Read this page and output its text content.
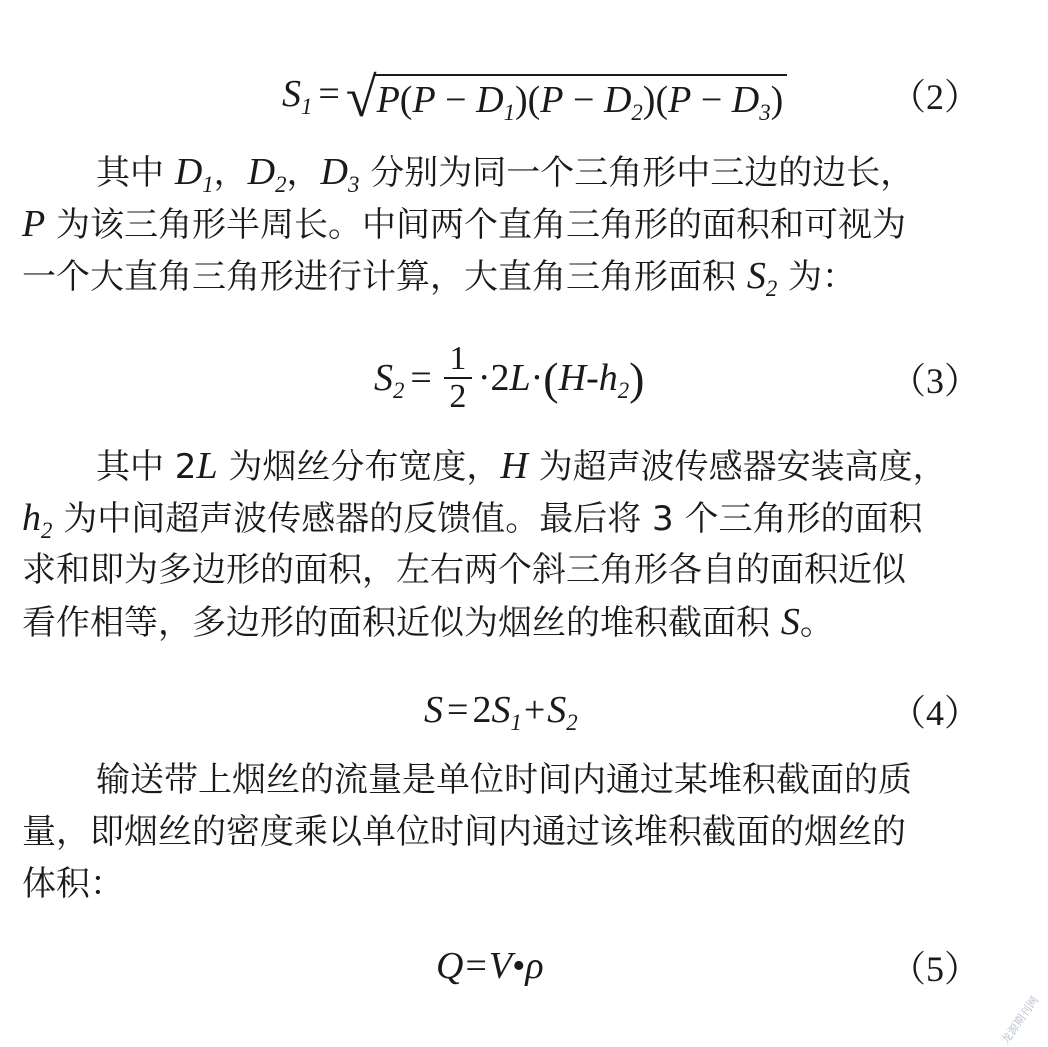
$S_1$ = √ $P(P - D_1)(P - D_2)(P - D_3)$	（2）
其中 $D_1$，$D_2$，$D_3$ 分别为同一个三角形中三边的边长，
P 为该三角形半周长。中间两个直角三角形的面积和可视为
一个大直角三角形进行计算，大直角三角形面积 $S_2$ 为：
$S_2 = \frac{1}{2} \cdot 2$ L · ( H - $h_2$ )	（3）
其中 2L 为烟丝分布宽度，H 为超声波传感器安装高度，
$h_2$ 为中间超声波传感器的反馈值。最后将 3 个三角形的面积
求和即为多边形的面积，左右两个斜三角形各自的面积近似
看作相等，多边形的面积近似为烟丝的堆积截面积 S。
S = 2 $S_1 + S_2$	（4）
输送带上烟丝的流量是单位时间内通过某堆积截面的质
量，即烟丝的密度乘以单位时间内通过该堆积截面的烟丝的
体积：
Q = V • ρ	（5）
龙源期刊网
